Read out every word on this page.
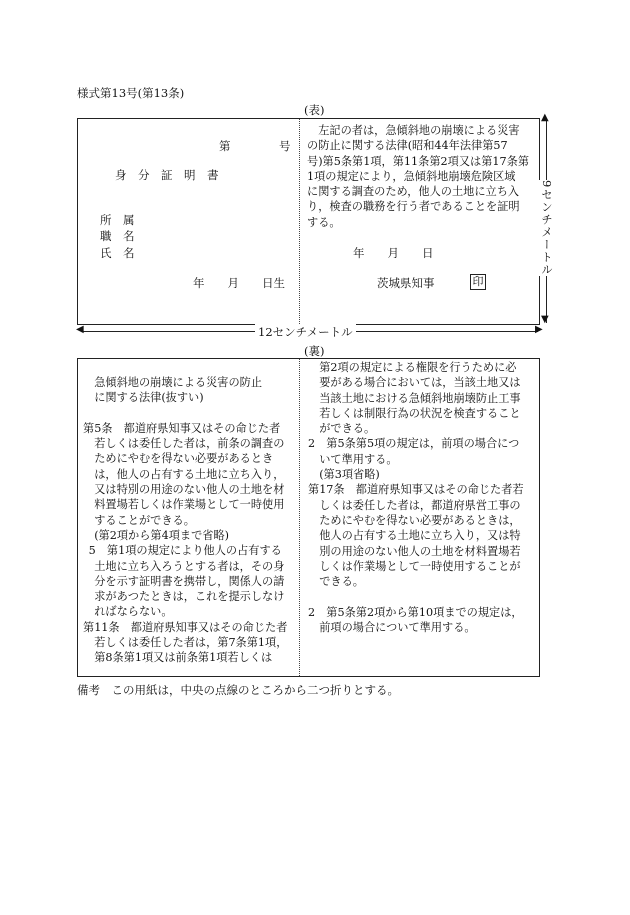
様式第13号(第13条)
(表)
第	号
身　分　証　明　書
所　属
職　名
氏　名
年　　月　　日生

左記の者は，急傾斜地の崩壊による災害

の防止に関する法律(昭和44年法律第57

号)第5条第1項，第11条第2項又は第17条第

1項の規定により，急傾斜地崩壊危険区域

に関する調査のため，他人の土地に立ち入

り，検査の職務を行う者であることを証明

する。

年　　月　　日
茨城県知事	印
◀	▶
12センチメートル
▲
▼
9センチメートル
(裏)

急傾斜地の崩壊による災害の防止

に関する法律(抜すい)

第5条　都道府県知事又はその命じた者

若しくは委任した者は，前条の調査の

ためにやむを得ない必要があるとき

は，他人の占有する土地に立ち入り，

又は特別の用途のない他人の土地を材

料置場若しくは作業場として一時使用

することができる。

(第2項から第4項まで省略)

5　第1項の規定により他人の占有する

土地に立ち入ろうとする者は，その身

分を示す証明書を携帯し，関係人の請

求があつたときは，これを提示しなけ

ればならない。

第11条　都道府県知事又はその命じた者

若しくは委任した者は，第7条第1項，

第8条第1項又は前条第1項若しくは

第2項の規定による権限を行うために必

要がある場合においては，当該土地又は

当該土地における急傾斜地崩壊防止工事

若しくは制限行為の状況を検査すること

ができる。

2　第5条第5項の規定は，前項の場合につ

いて準用する。

(第3項省略)

第17条　都道府県知事又はその命じた者若

しくは委任した者は，都道府県営工事の

ためにやむを得ない必要があるときは，

他人の占有する土地に立ち入り，又は特

別の用途のない他人の土地を材料置場若

しくは作業場として一時使用することが

できる。

2　第5条第2項から第10項までの規定は，

前項の場合について準用する。

備考　この用紙は，中央の点線のところから二つ折りとする。
